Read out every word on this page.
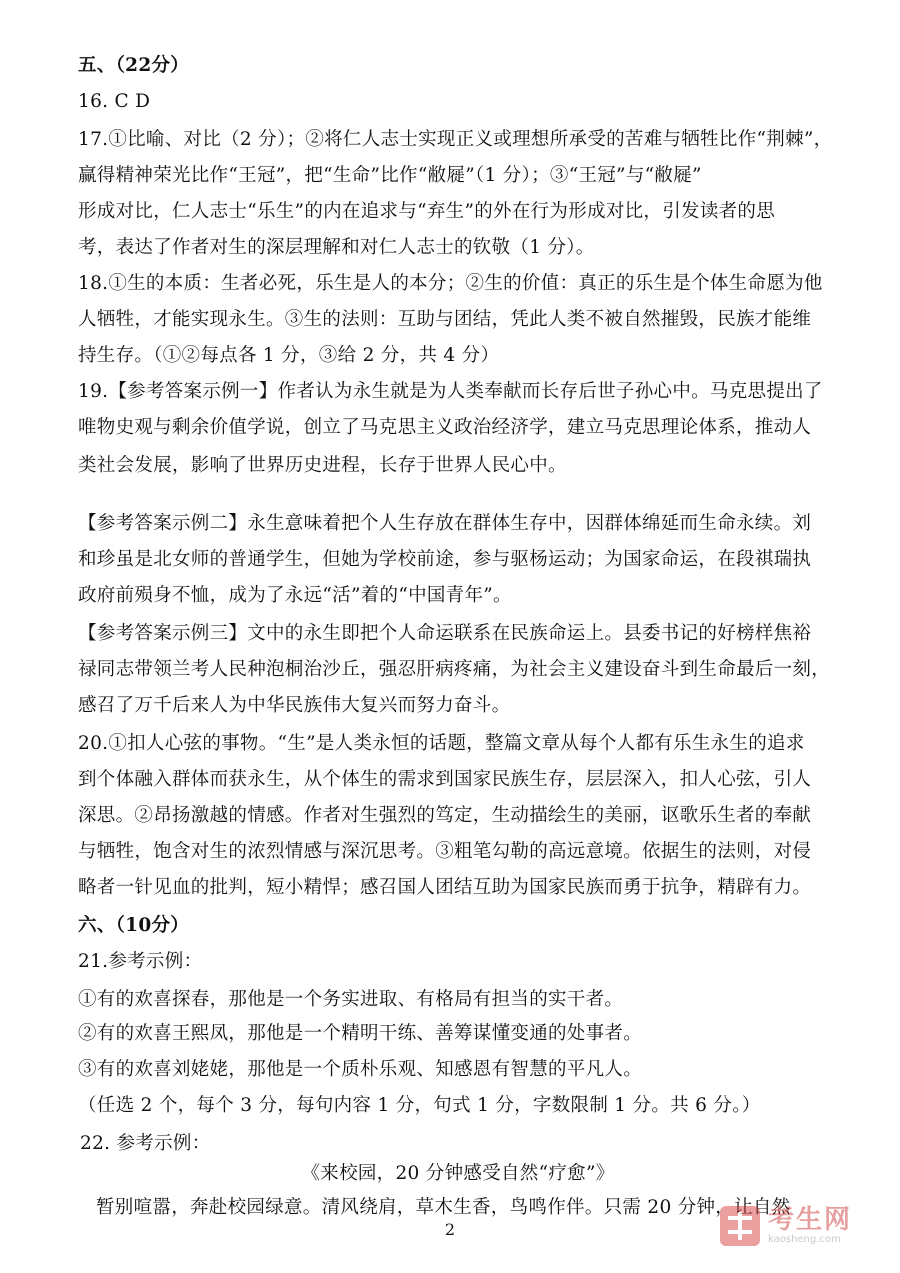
五、（22分）
16. C D
17.①比喻、对比（2 分）；②将仁人志士实现正义或理想所承受的苦难与牺牲比作“荆棘”，
赢得精神荣光比作“王冠”，把“生命”比作“敝屣”（1 分）；③“王冠”与“敝屣”
形成对比，仁人志士“乐生”的内在追求与“弃生”的外在行为形成对比，引发读者的思
考，表达了作者对生的深层理解和对仁人志士的钦敬（1 分）。
18.①生的本质：生者必死，乐生是人的本分；②生的价值：真正的乐生是个体生命愿为他
人牺牲，才能实现永生。③生的法则：互助与团结，凭此人类不被自然摧毁，民族才能维
持生存。（①②每点各 1 分，③给 2 分，共 4 分）
19.【参考答案示例一】作者认为永生就是为人类奉献而长存后世子孙心中。马克思提出了
唯物史观与剩余价值学说，创立了马克思主义政治经济学，建立马克思理论体系，推动人
类社会发展，影响了世界历史进程，长存于世界人民心中。
【参考答案示例二】永生意味着把个人生存放在群体生存中，因群体绵延而生命永续。刘
和珍虽是北女师的普通学生，但她为学校前途，参与驱杨运动；为国家命运，在段祺瑞执
政府前殒身不恤，成为了永远“活”着的“中国青年”。
【参考答案示例三】文中的永生即把个人命运联系在民族命运上。县委书记的好榜样焦裕
禄同志带领兰考人民种泡桐治沙丘，强忍肝病疼痛，为社会主义建设奋斗到生命最后一刻，
感召了万千后来人为中华民族伟大复兴而努力奋斗。
20.①扣人心弦的事物。“生”是人类永恒的话题，整篇文章从每个人都有乐生永生的追求
到个体融入群体而获永生，从个体生的需求到国家民族生存，层层深入，扣人心弦，引人
深思。②昂扬激越的情感。作者对生强烈的笃定，生动描绘生的美丽，讴歌乐生者的奉献
与牺牲，饱含对生的浓烈情感与深沉思考。③粗笔勾勒的高远意境。依据生的法则，对侵
略者一针见血的批判，短小精悍；感召国人团结互助为国家民族而勇于抗争，精辟有力。
六、（10分）
21.参考示例：
①有的欢喜探春，那他是一个务实进取、有格局有担当的实干者。
②有的欢喜王熙凤，那他是一个精明干练、善筹谋懂变通的处事者。
③有的欢喜刘姥姥，那他是一个质朴乐观、知感恩有智慧的平凡人。
（任选 2 个，每个 3 分，每句内容 1 分，句式 1 分，字数限制 1 分。共 6 分。）
22. 参考示例：
《来校园，20 分钟感受自然“疗愈”》
暂别喧嚣，奔赴校园绿意。清风绕肩，草木生香，鸟鸣作伴。只需 20 分钟，让自然
2	考生网
kaosheng.com
